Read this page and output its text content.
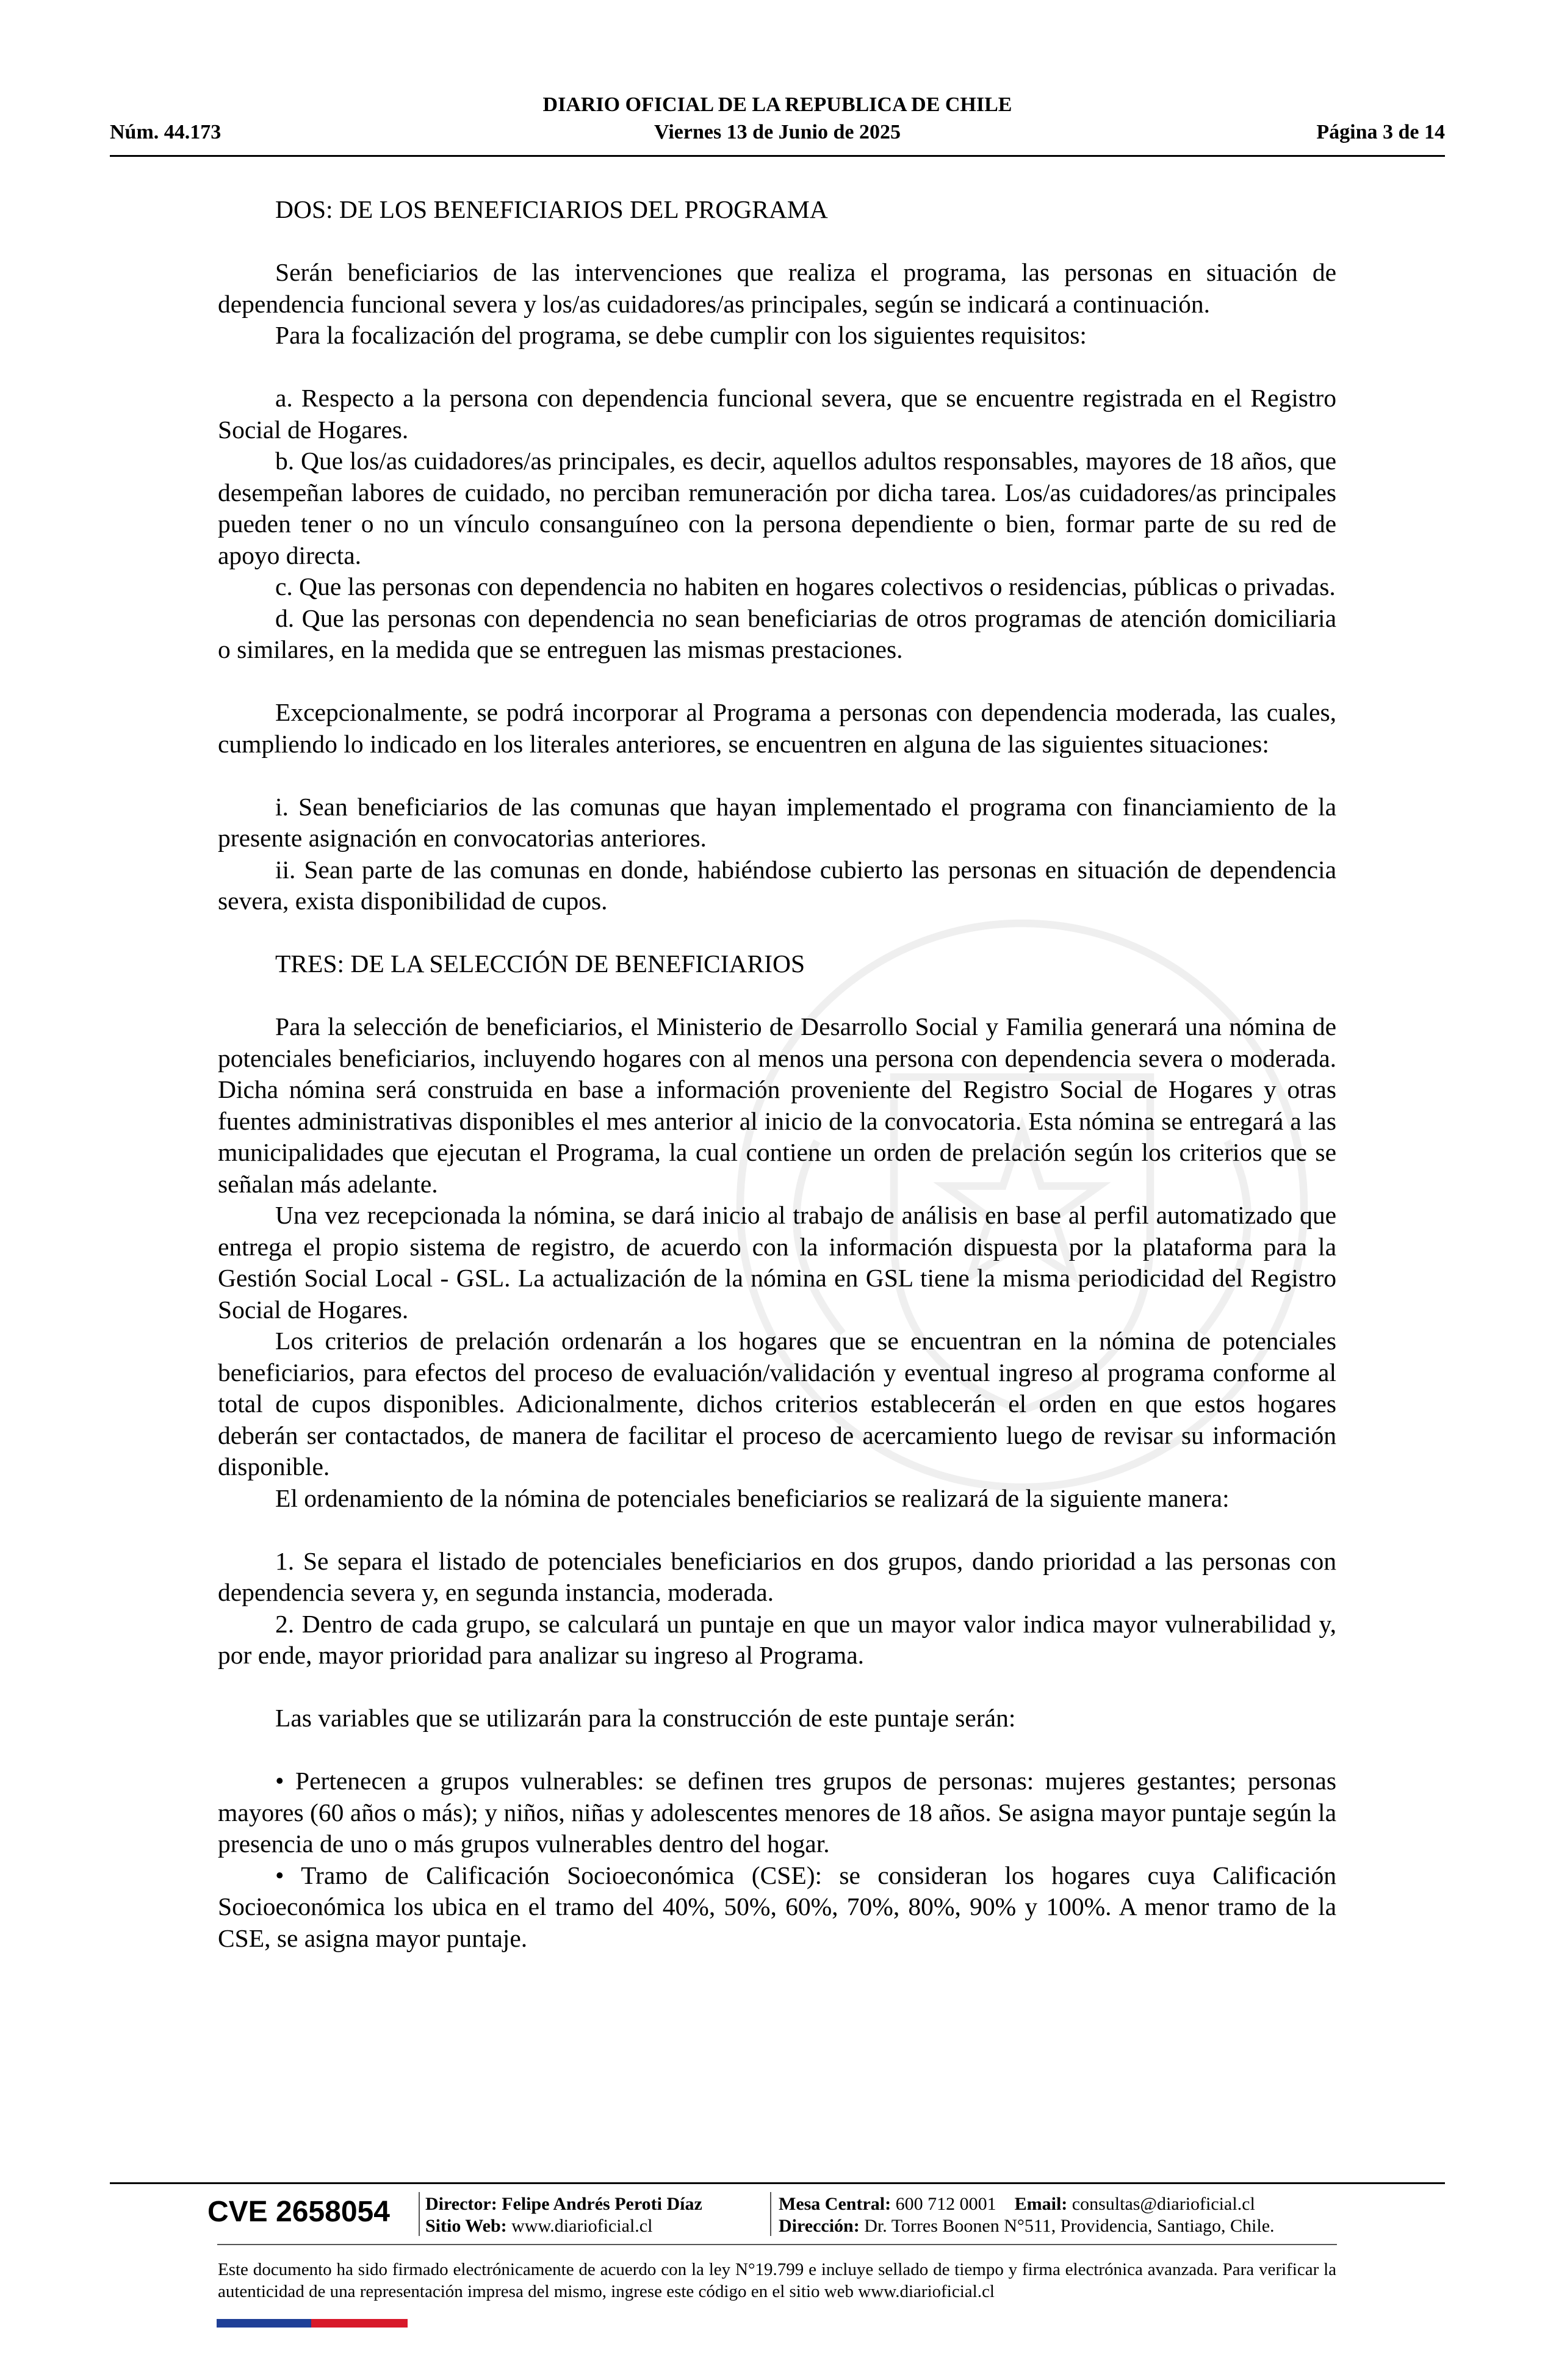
DIARIO OFICIAL DE LA REPUBLICA DE CHILE
Núm. 44.173	Viernes 13 de Junio de 2025	Página 3 de 14
DOS: DE LOS BENEFICIARIOS DEL PROGRAMA

Serán beneficiarios de las intervenciones que realiza el programa, las personas en situación de dependencia funcional severa y los/as cuidadores/as principales, según se indicará a continuación.

Para la focalización del programa, se debe cumplir con los siguientes requisitos:

a. Respecto a la persona con dependencia funcional severa, que se encuentre registrada en el Registro Social de Hogares.

b. Que los/as cuidadores/as principales, es decir, aquellos adultos responsables, mayores de 18 años, que desempeñan labores de cuidado, no perciban remuneración por dicha tarea. Los/as cuidadores/as principales pueden tener o no un vínculo consanguíneo con la persona dependiente o bien, formar parte de su red de apoyo directa.

c. Que las personas con dependencia no habiten en hogares colectivos o residencias, públicas o privadas.

d. Que las personas con dependencia no sean beneficiarias de otros programas de atención domiciliaria o similares, en la medida que se entreguen las mismas prestaciones.

Excepcionalmente, se podrá incorporar al Programa a personas con dependencia moderada, las cuales, cumpliendo lo indicado en los literales anteriores, se encuentren en alguna de las siguientes situaciones:

i. Sean beneficiarios de las comunas que hayan implementado el programa con financiamiento de la presente asignación en convocatorias anteriores.

ii. Sean parte de las comunas en donde, habiéndose cubierto las personas en situación de dependencia severa, exista disponibilidad de cupos.

TRES: DE LA SELECCIÓN DE BENEFICIARIOS

Para la selección de beneficiarios, el Ministerio de Desarrollo Social y Familia generará una nómina de potenciales beneficiarios, incluyendo hogares con al menos una persona con dependencia severa o moderada. Dicha nómina será construida en base a información proveniente del Registro Social de Hogares y otras fuentes administrativas disponibles el mes anterior al inicio de la convocatoria. Esta nómina se entregará a las municipalidades que ejecutan el Programa, la cual contiene un orden de prelación según los criterios que se señalan más adelante.

Una vez recepcionada la nómina, se dará inicio al trabajo de análisis en base al perfil automatizado que entrega el propio sistema de registro, de acuerdo con la información dispuesta por la plataforma para la Gestión Social Local - GSL. La actualización de la nómina en GSL tiene la misma periodicidad del Registro Social de Hogares.

Los criterios de prelación ordenarán a los hogares que se encuentran en la nómina de potenciales beneficiarios, para efectos del proceso de evaluación/validación y eventual ingreso al programa conforme al total de cupos disponibles. Adicionalmente, dichos criterios establecerán el orden en que estos hogares deberán ser contactados, de manera de facilitar el proceso de acercamiento luego de revisar su información disponible.

El ordenamiento de la nómina de potenciales beneficiarios se realizará de la siguiente manera:

1. Se separa el listado de potenciales beneficiarios en dos grupos, dando prioridad a las personas con dependencia severa y, en segunda instancia, moderada.

2. Dentro de cada grupo, se calculará un puntaje en que un mayor valor indica mayor vulnerabilidad y, por ende, mayor prioridad para analizar su ingreso al Programa.

Las variables que se utilizarán para la construcción de este puntaje serán:

• Pertenecen a grupos vulnerables: se definen tres grupos de personas: mujeres gestantes; personas mayores (60 años o más); y niños, niñas y adolescentes menores de 18 años. Se asigna mayor puntaje según la presencia de uno o más grupos vulnerables dentro del hogar.

• Tramo de Calificación Socioeconómica (CSE): se consideran los hogares cuya Calificación Socioeconómica los ubica en el tramo del 40%, 50%, 60%, 70%, 80%, 90% y 100%. A menor tramo de la CSE, se asigna mayor puntaje.

CVE 2658054 Director: Felipe Andrés Peroti Díaz
Sitio Web: www.diarioficial.cl
Mesa Central: 600 712 0001 Email: consultas@diarioficial.cl
Dirección: Dr. Torres Boonen N°511, Providencia, Santiago, Chile.
Este documento ha sido firmado electrónicamente de acuerdo con la ley N°19.799 e incluye sellado de tiempo y firma electrónica avanzada. Para verificar la autenticidad de una representación impresa del mismo, ingrese este código en el sitio web www.diarioficial.cl
